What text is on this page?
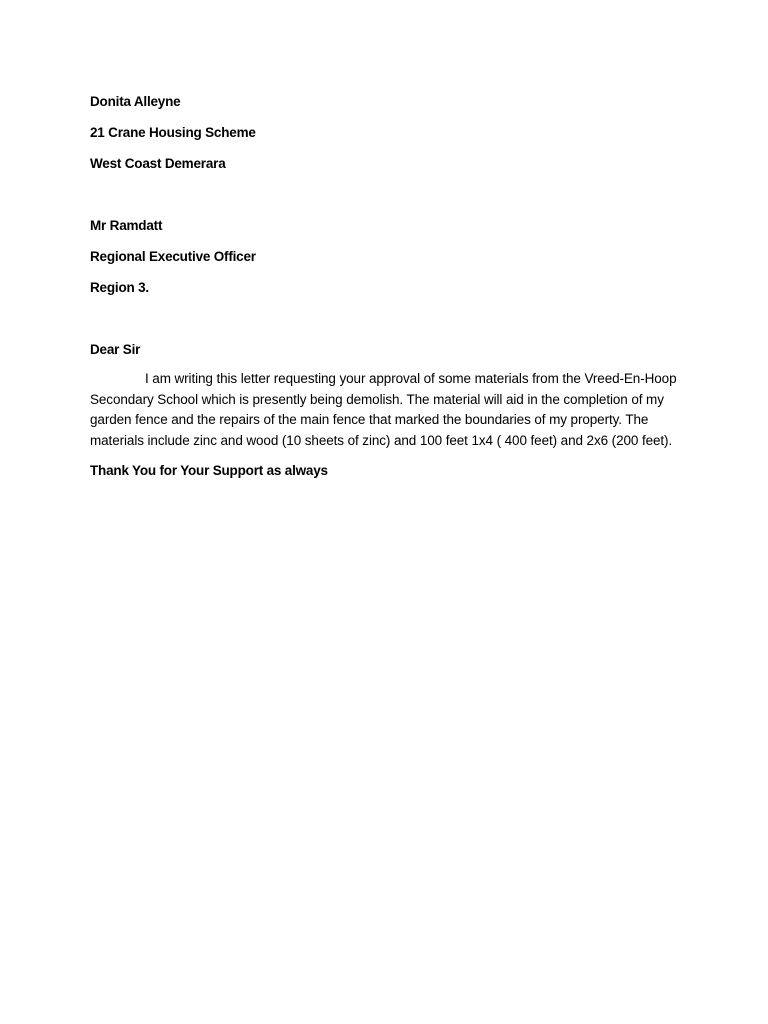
Donita Alleyne
21 Crane Housing Scheme
West Coast Demerara
Mr Ramdatt
Regional Executive Officer
Region 3.
Dear Sir

I am writing this letter requesting your approval of some materials from the Vreed-En-Hoop Secondary School which is presently being demolish. The material will aid in the completion of my garden fence and the repairs of the main fence that marked the boundaries of my property. The materials include zinc and wood (10 sheets of zinc) and 100 feet 1x4 ( 400 feet) and 2x6 (200 feet).

Thank You for Your Support as always
